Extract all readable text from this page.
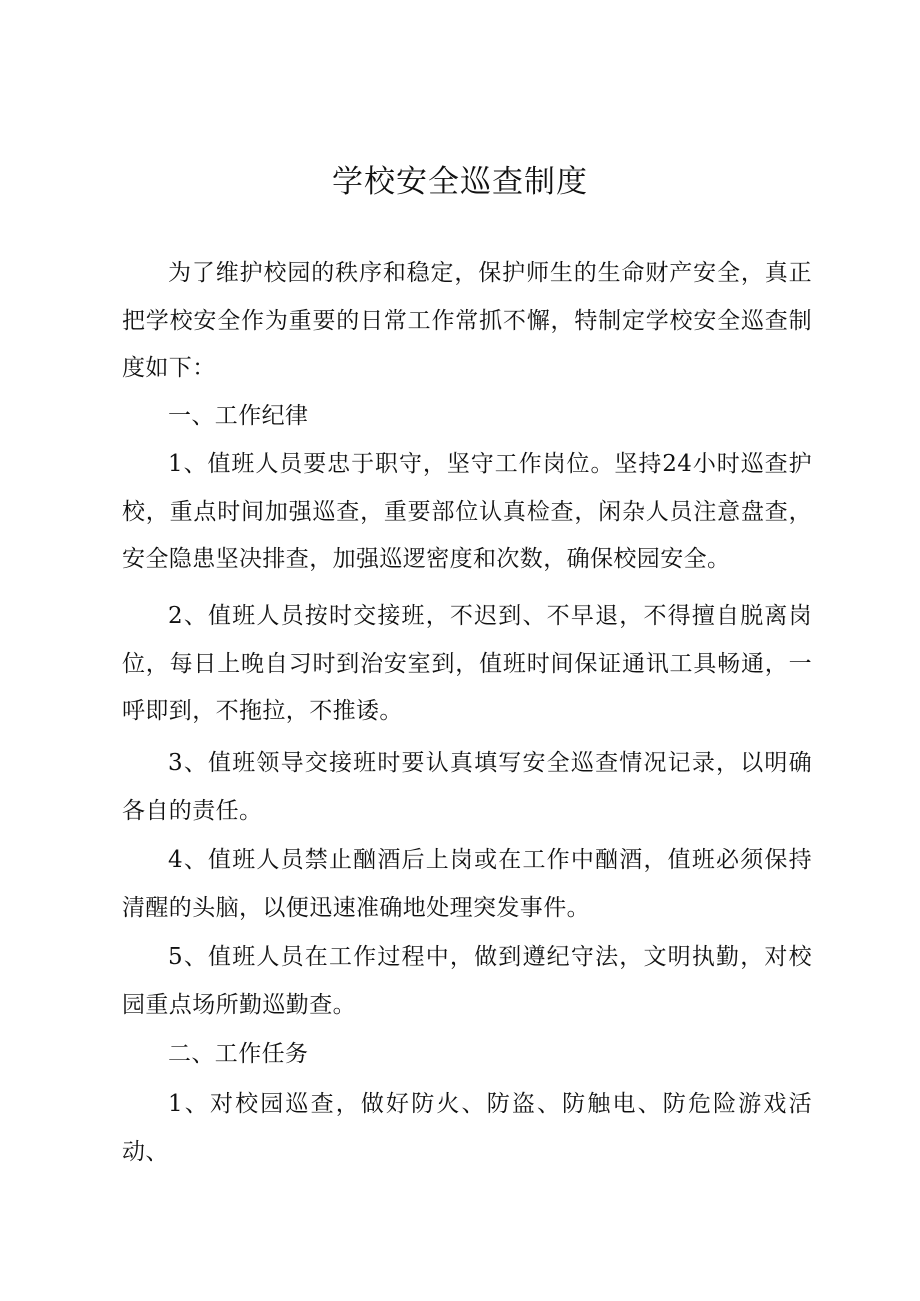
学校安全巡查制度

为了维护校园的秩序和稳定，保护师生的生命财产安全，真正把学校安全作为重要的日常工作常抓不懈，特制定学校安全巡查制度如下：

一、工作纪律

1、值班人员要忠于职守，坚守工作岗位。坚持24小时巡查护校，重点时间加强巡查，重要部位认真检查，闲杂人员注意盘查，安全隐患坚决排查，加强巡逻密度和次数，确保校园安全。

2、值班人员按时交接班，不迟到、不早退，不得擅自脱离岗位，每日上晚自习时到治安室到，值班时间保证通讯工具畅通，一呼即到，不拖拉，不推诿。

3、值班领导交接班时要认真填写安全巡查情况记录，以明确各自的责任。

4、值班人员禁止酗酒后上岗或在工作中酗酒，值班必须保持清醒的头脑，以便迅速准确地处理突发事件。

5、值班人员在工作过程中，做到遵纪守法，文明执勤，对校园重点场所勤巡勤查。

二、工作任务

1、对校园巡查，做好防火、防盗、防触电、防危险游戏活动、
